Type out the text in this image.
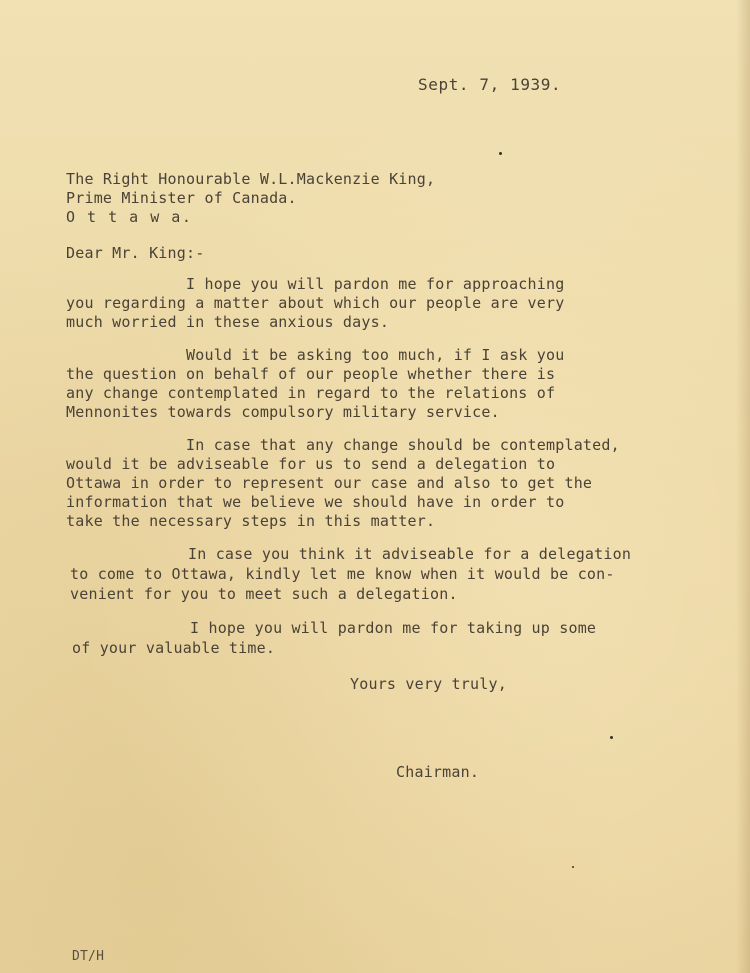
Sept. 7, 1939.

The Right Honourable W.L.Mackenzie King,

Prime Minister of Canada.

O t t a w a.

Dear Mr. King:-

I hope you will pardon me for approaching

you regarding a matter about which our people are very

much worried in these anxious days.

Would it be asking too much, if I ask you

the question on behalf of our people whether there is

any change contemplated in regard to the relations of

Mennonites towards compulsory military service.

In case that any change should be contemplated,

would it be adviseable for us to send a delegation to

Ottawa in order to represent our case and also to get the

information that we believe we should have in order to

take the necessary steps in this matter.

In case you think it adviseable for a delegation

to come to Ottawa, kindly let me know when it would be con-

venient for you to meet such a delegation.

I hope you will pardon me for taking up some

of your valuable time.

Yours very truly,

Chairman.

DT/H
